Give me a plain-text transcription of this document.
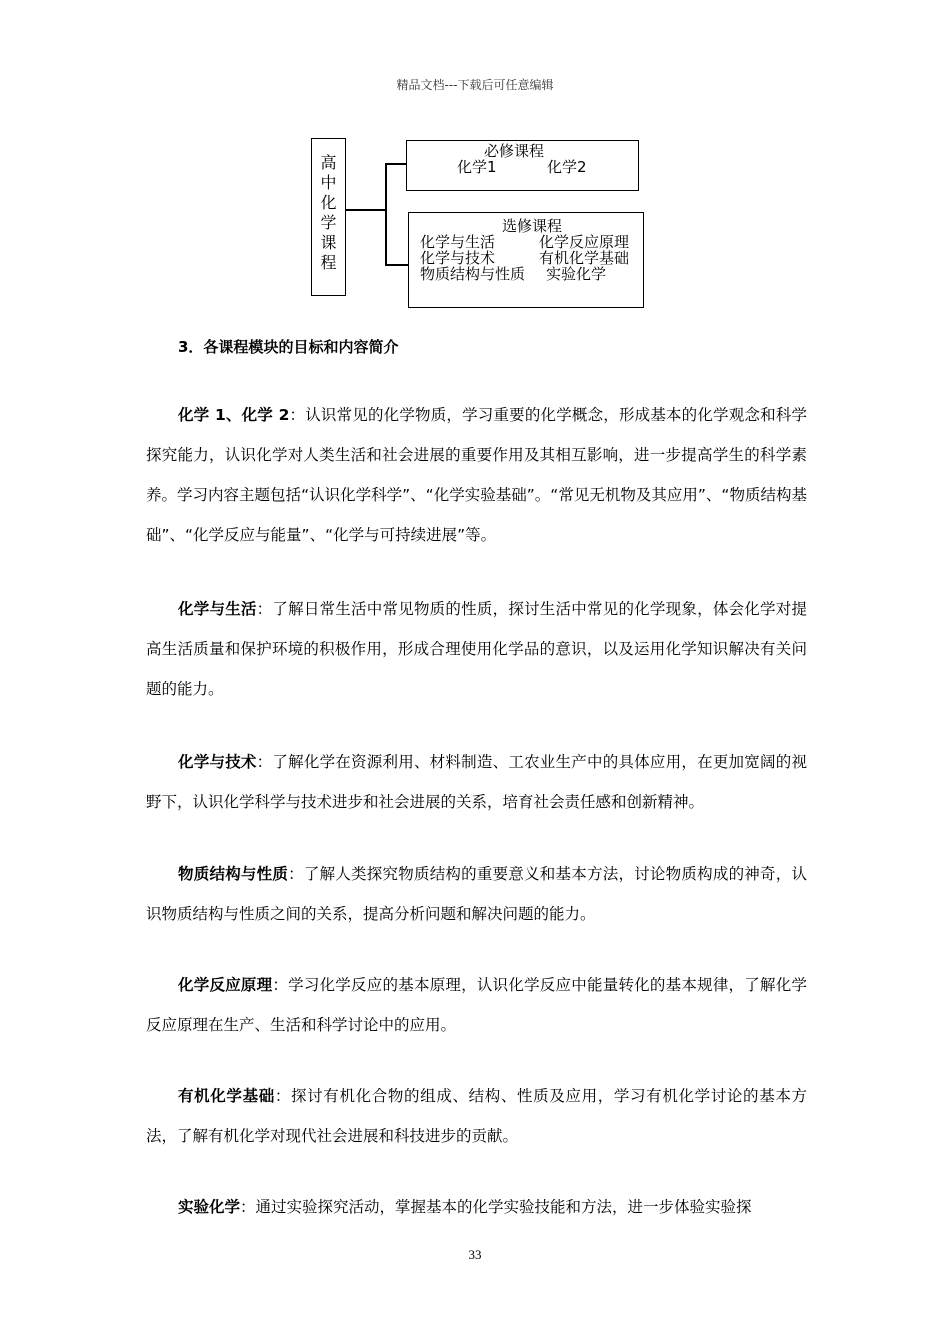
精品文档---下载后可任意编辑
高
中
化
学
课
程
必修课程
化学1	化学2
选修课程
化学与生活	化学反应原理
化学与技术	有机化学基础
物质结构与性质 实验化学
3．各课程模块的目标和内容简介

化学 1、化学 2：认识常见的化学物质，学习重要的化学概念，形成基本的化学观念和科学探究能力，认识化学对人类生活和社会进展的重要作用及其相互影响，进一步提高学生的科学素养。学习内容主题包括“认识化学科学”、“化学实验基础”。“常见无机物及其应用”、“物质结构基础”、“化学反应与能量”、“化学与可持续进展”等。

化学与生活：了解日常生活中常见物质的性质，探讨生活中常见的化学现象，体会化学对提高生活质量和保护环境的积极作用，形成合理使用化学品的意识，以及运用化学知识解决有关问题的能力。

化学与技术：了解化学在资源利用、材料制造、工农业生产中的具体应用，在更加宽阔的视野下，认识化学科学与技术进步和社会进展的关系，培育社会责任感和创新精神。

物质结构与性质：了解人类探究物质结构的重要意义和基本方法，讨论物质构成的神奇，认识物质结构与性质之间的关系，提高分析问题和解决问题的能力。

化学反应原理：学习化学反应的基本原理，认识化学反应中能量转化的基本规律，了解化学反应原理在生产、生活和科学讨论中的应用。

有机化学基础：探讨有机化合物的组成、结构、性质及应用，学习有机化学讨论的基本方法，了解有机化学对现代社会进展和科技进步的贡献。

实验化学：通过实验探究活动，掌握基本的化学实验技能和方法，进一步体验实验探

33
